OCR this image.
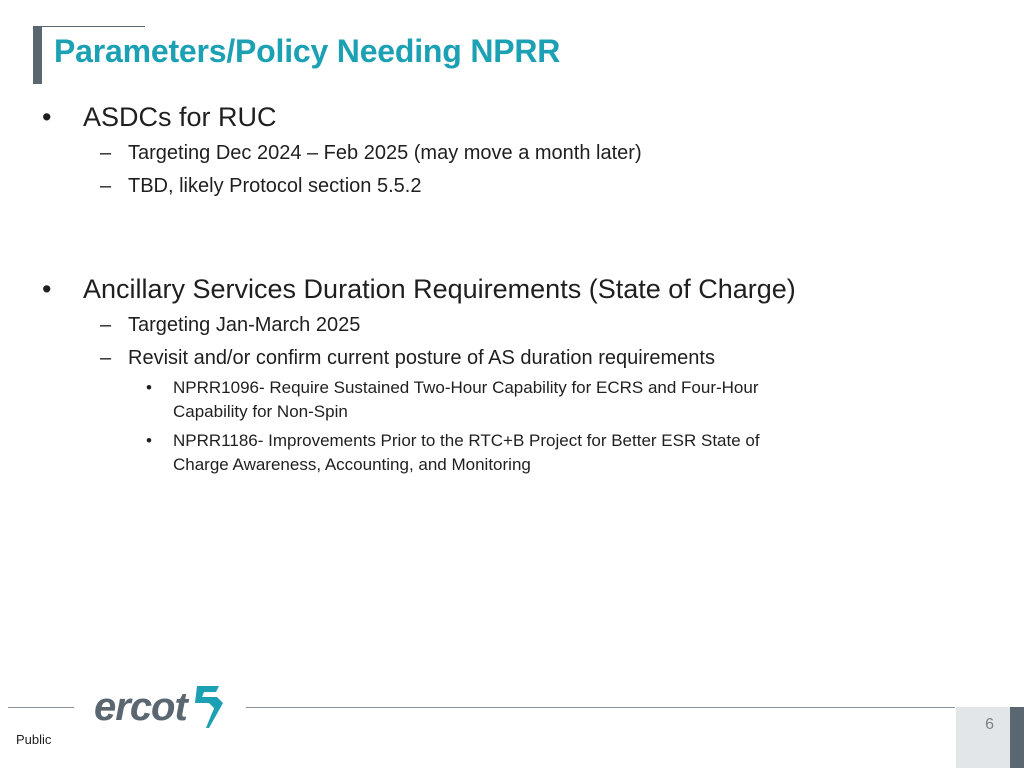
Parameters/Policy Needing NPRR
• ASDCs for RUC
– Targeting Dec 2024 – Feb 2025 (may move a month later)
– TBD, likely Protocol section 5.5.2
• Ancillary Services Duration Requirements (State of Charge)
– Targeting Jan-March 2025
– Revisit and/or confirm current posture of AS duration requirements
• NPRR1096- Require Sustained Two-Hour Capability for ECRS and Four-Hour
Capability for Non-Spin
• NPRR1186- Improvements Prior to the RTC+B Project for Better ESR State of
Charge Awareness, Accounting, and Monitoring
ercot
Public
6
